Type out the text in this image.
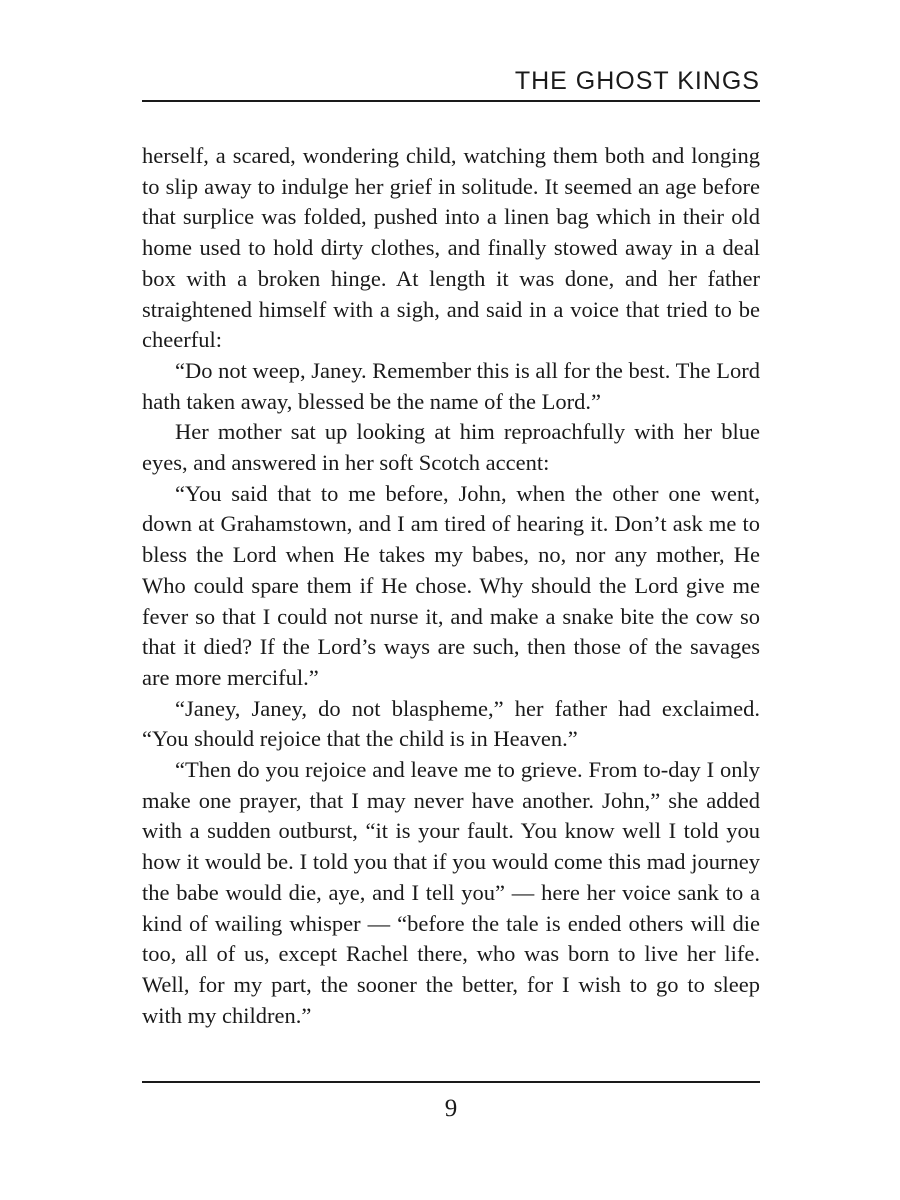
THE GHOST KINGS

herself, a scared, wondering child, watching them both and longing to slip away to indulge her grief in solitude. It seemed an age before that surplice was folded, pushed into a linen bag which in their old home used to hold dirty clothes, and finally stowed away in a deal box with a broken hinge. At length it was done, and her father straightened himself with a sigh, and said in a voice that tried to be cheerful:

“Do not weep, Janey. Remember this is all for the best. The Lord hath taken away, blessed be the name of the Lord.”

Her mother sat up looking at him reproachfully with her blue eyes, and answered in her soft Scotch accent:

“You said that to me before, John, when the other one went, down at Grahamstown, and I am tired of hearing it. Don’t ask me to bless the Lord when He takes my babes, no, nor any mother, He Who could spare them if He chose. Why should the Lord give me fever so that I could not nurse it, and make a snake bite the cow so that it died? If the Lord’s ways are such, then those of the savages are more merciful.”

“Janey, Janey, do not blaspheme,” her father had exclaimed. “You should rejoice that the child is in Heaven.”

“Then do you rejoice and leave me to grieve. From to-day I only make one prayer, that I may never have another. John,” she added with a sudden outburst, “it is your fault. You know well I told you how it would be. I told you that if you would come this mad journey the babe would die, aye, and I tell you” — here her voice sank to a kind of wailing whisper — “before the tale is ended others will die too, all of us, except Rachel there, who was born to live her life. Well, for my part, the sooner the better, for I wish to go to sleep with my children.”

9
